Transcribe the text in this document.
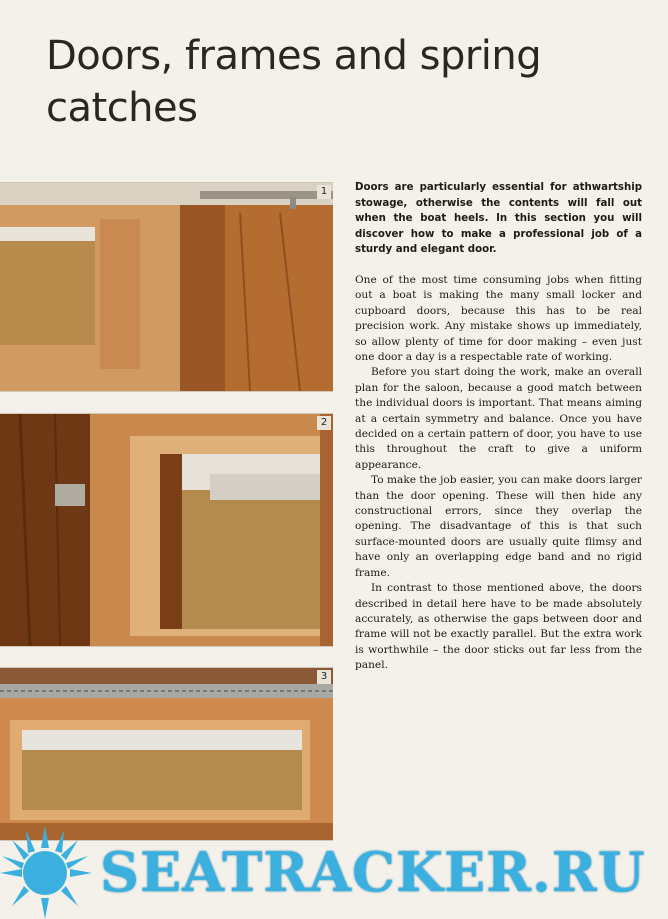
Doors, frames and spring catches
1
2
3

Doors are particularly essential for athwartship stowage, otherwise the contents will fall out when the boat heels. In this section you will discover how to make a professional job of a sturdy and elegant door.

One of the most time consuming jobs when fitting out a boat is making the many small locker and cupboard doors, because this has to be real precision work. Any mistake shows up immediately, so allow plenty of time for door making – even just one door a day is a respectable rate of working.

Before you start doing the work, make an overall plan for the saloon, because a good match between the individual doors is important. That means aiming at a certain symmetry and balance. Once you have decided on a certain pattern of door, you have to use this throughout the craft to give a uniform appearance.

To make the job easier, you can make doors larger than the door opening. These will then hide any constructional errors, since they overlap the opening. The disadvantage of this is that such surface-mounted doors are usually quite flimsy and have only an overlapping edge band and no rigid frame.

In contrast to those mentioned above, the doors described in detail here have to be made absolutely accurately, as otherwise the gaps between door and frame will not be exactly parallel. But the extra work is worthwhile – the door sticks out far less from the panel.

SEATRACKER.RU
